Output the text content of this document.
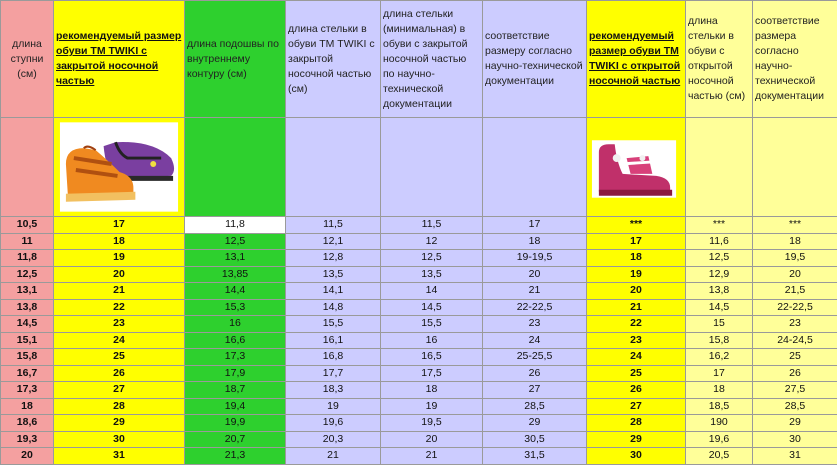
длина ступни (см)	рекомендуемый размер обуви ТМ TWIKI с закрытой носочной частью	длина подошвы по внутреннему контуру (см)	длина стельки в обуви ТМ TWIKI с закрытой носочной частью (см)	длина стельки (минимальная) в обуви с закрытой носочной частью по научно-технической документации	соответствие размеру согласно научно-технической документации	рекомендуемый размер обуви ТМ TWIKI с открытой носочной частью	длина стельки в обуви с открытой носочной частью (см)	соответствие размера согласно научно-технической документации

10,5	17	11,8	11,5	11,5	17	***	***	***
11	18	12,5	12,1	12	18	17	11,6	18
11,8	19	13,1	12,8	12,5	19-19,5	18	12,5	19,5
12,5	20	13,85	13,5	13,5	20	19	12,9	20
13,1	21	14,4	14,1	14	21	20	13,8	21,5
13,8	22	15,3	14,8	14,5	22-22,5	21	14,5	22-22,5
14,5	23	16	15,5	15,5	23	22	15	23
15,1	24	16,6	16,1	16	24	23	15,8	24-24,5
15,8	25	17,3	16,8	16,5	25-25,5	24	16,2	25
16,7	26	17,9	17,7	17,5	26	25	17	26
17,3	27	18,7	18,3	18	27	26	18	27,5
18	28	19,4	19	19	28,5	27	18,5	28,5
18,6	29	19,9	19,6	19,5	29	28	190	29
19,3	30	20,7	20,3	20	30,5	29	19,6	30
20	31	21,3	21	21	31,5	30	20,5	31
